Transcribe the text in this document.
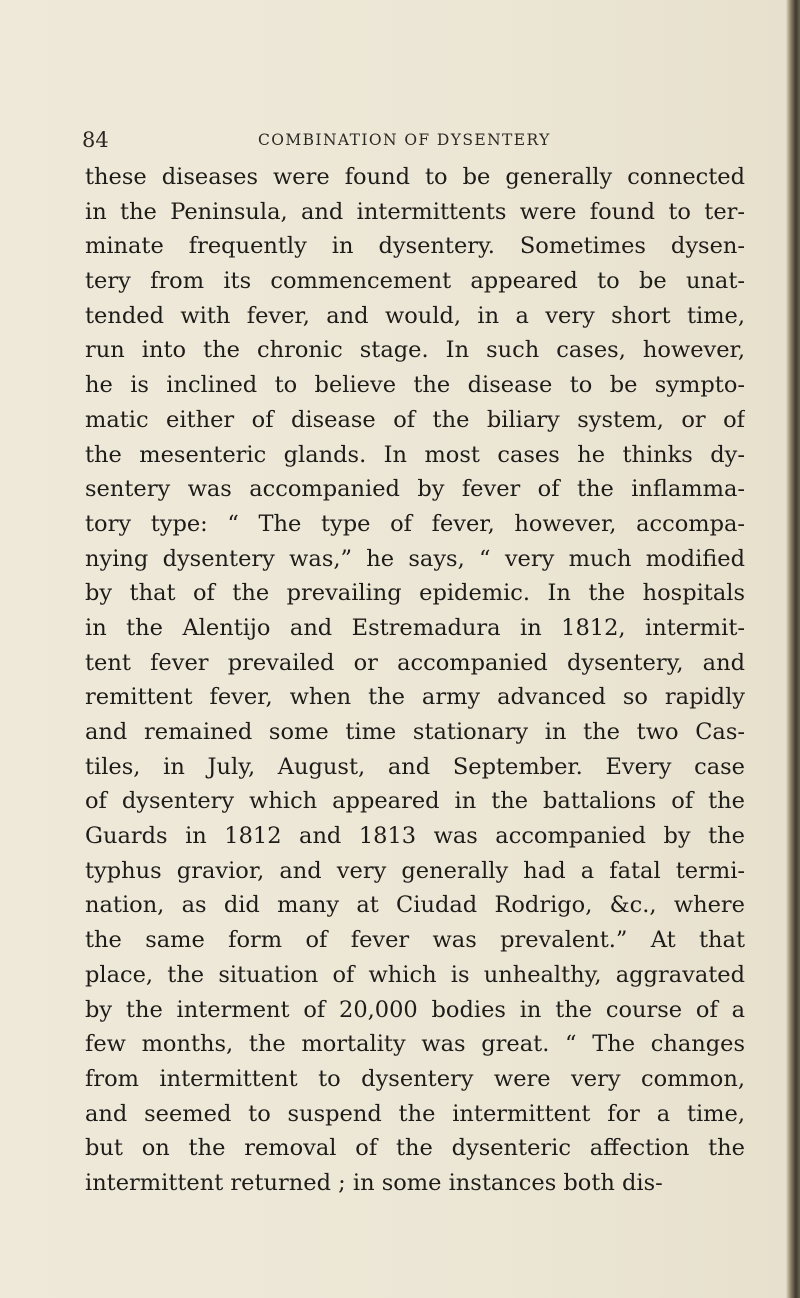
84	COMBINATION OF DYSENTERY
these diseases were found to be generally connected
in the Peninsula, and intermittents were found to ter-
minate frequently in dysentery. Sometimes dysen-
tery from its commencement appeared to be unat-
tended with fever, and would, in a very short time,
run into the chronic stage. In such cases, however,
he is inclined to believe the disease to be sympto-
matic either of disease of the biliary system, or of
the mesenteric glands. In most cases he thinks dy-
sentery was accompanied by fever of the inflamma-
tory type: “ The type of fever, however, accompa-
nying dysentery was,” he says, “ very much modified
by that of the prevailing epidemic. In the hospitals
in the Alentijo and Estremadura in 1812, intermit-
tent fever prevailed or accompanied dysentery, and
remittent fever, when the army advanced so rapidly
and remained some time stationary in the two Cas-
tiles, in July, August, and September. Every case
of dysentery which appeared in the battalions of the
Guards in 1812 and 1813 was accompanied by the
typhus gravior, and very generally had a fatal termi-
nation, as did many at Ciudad Rodrigo, &c., where
the same form of fever was prevalent.” At that
place, the situation of which is unhealthy, aggravated
by the interment of 20,000 bodies in the course of a
few months, the mortality was great. “ The changes
from intermittent to dysentery were very common,
and seemed to suspend the intermittent for a time,
but on the removal of the dysenteric affection the
intermittent returned ; in some instances both dis-
